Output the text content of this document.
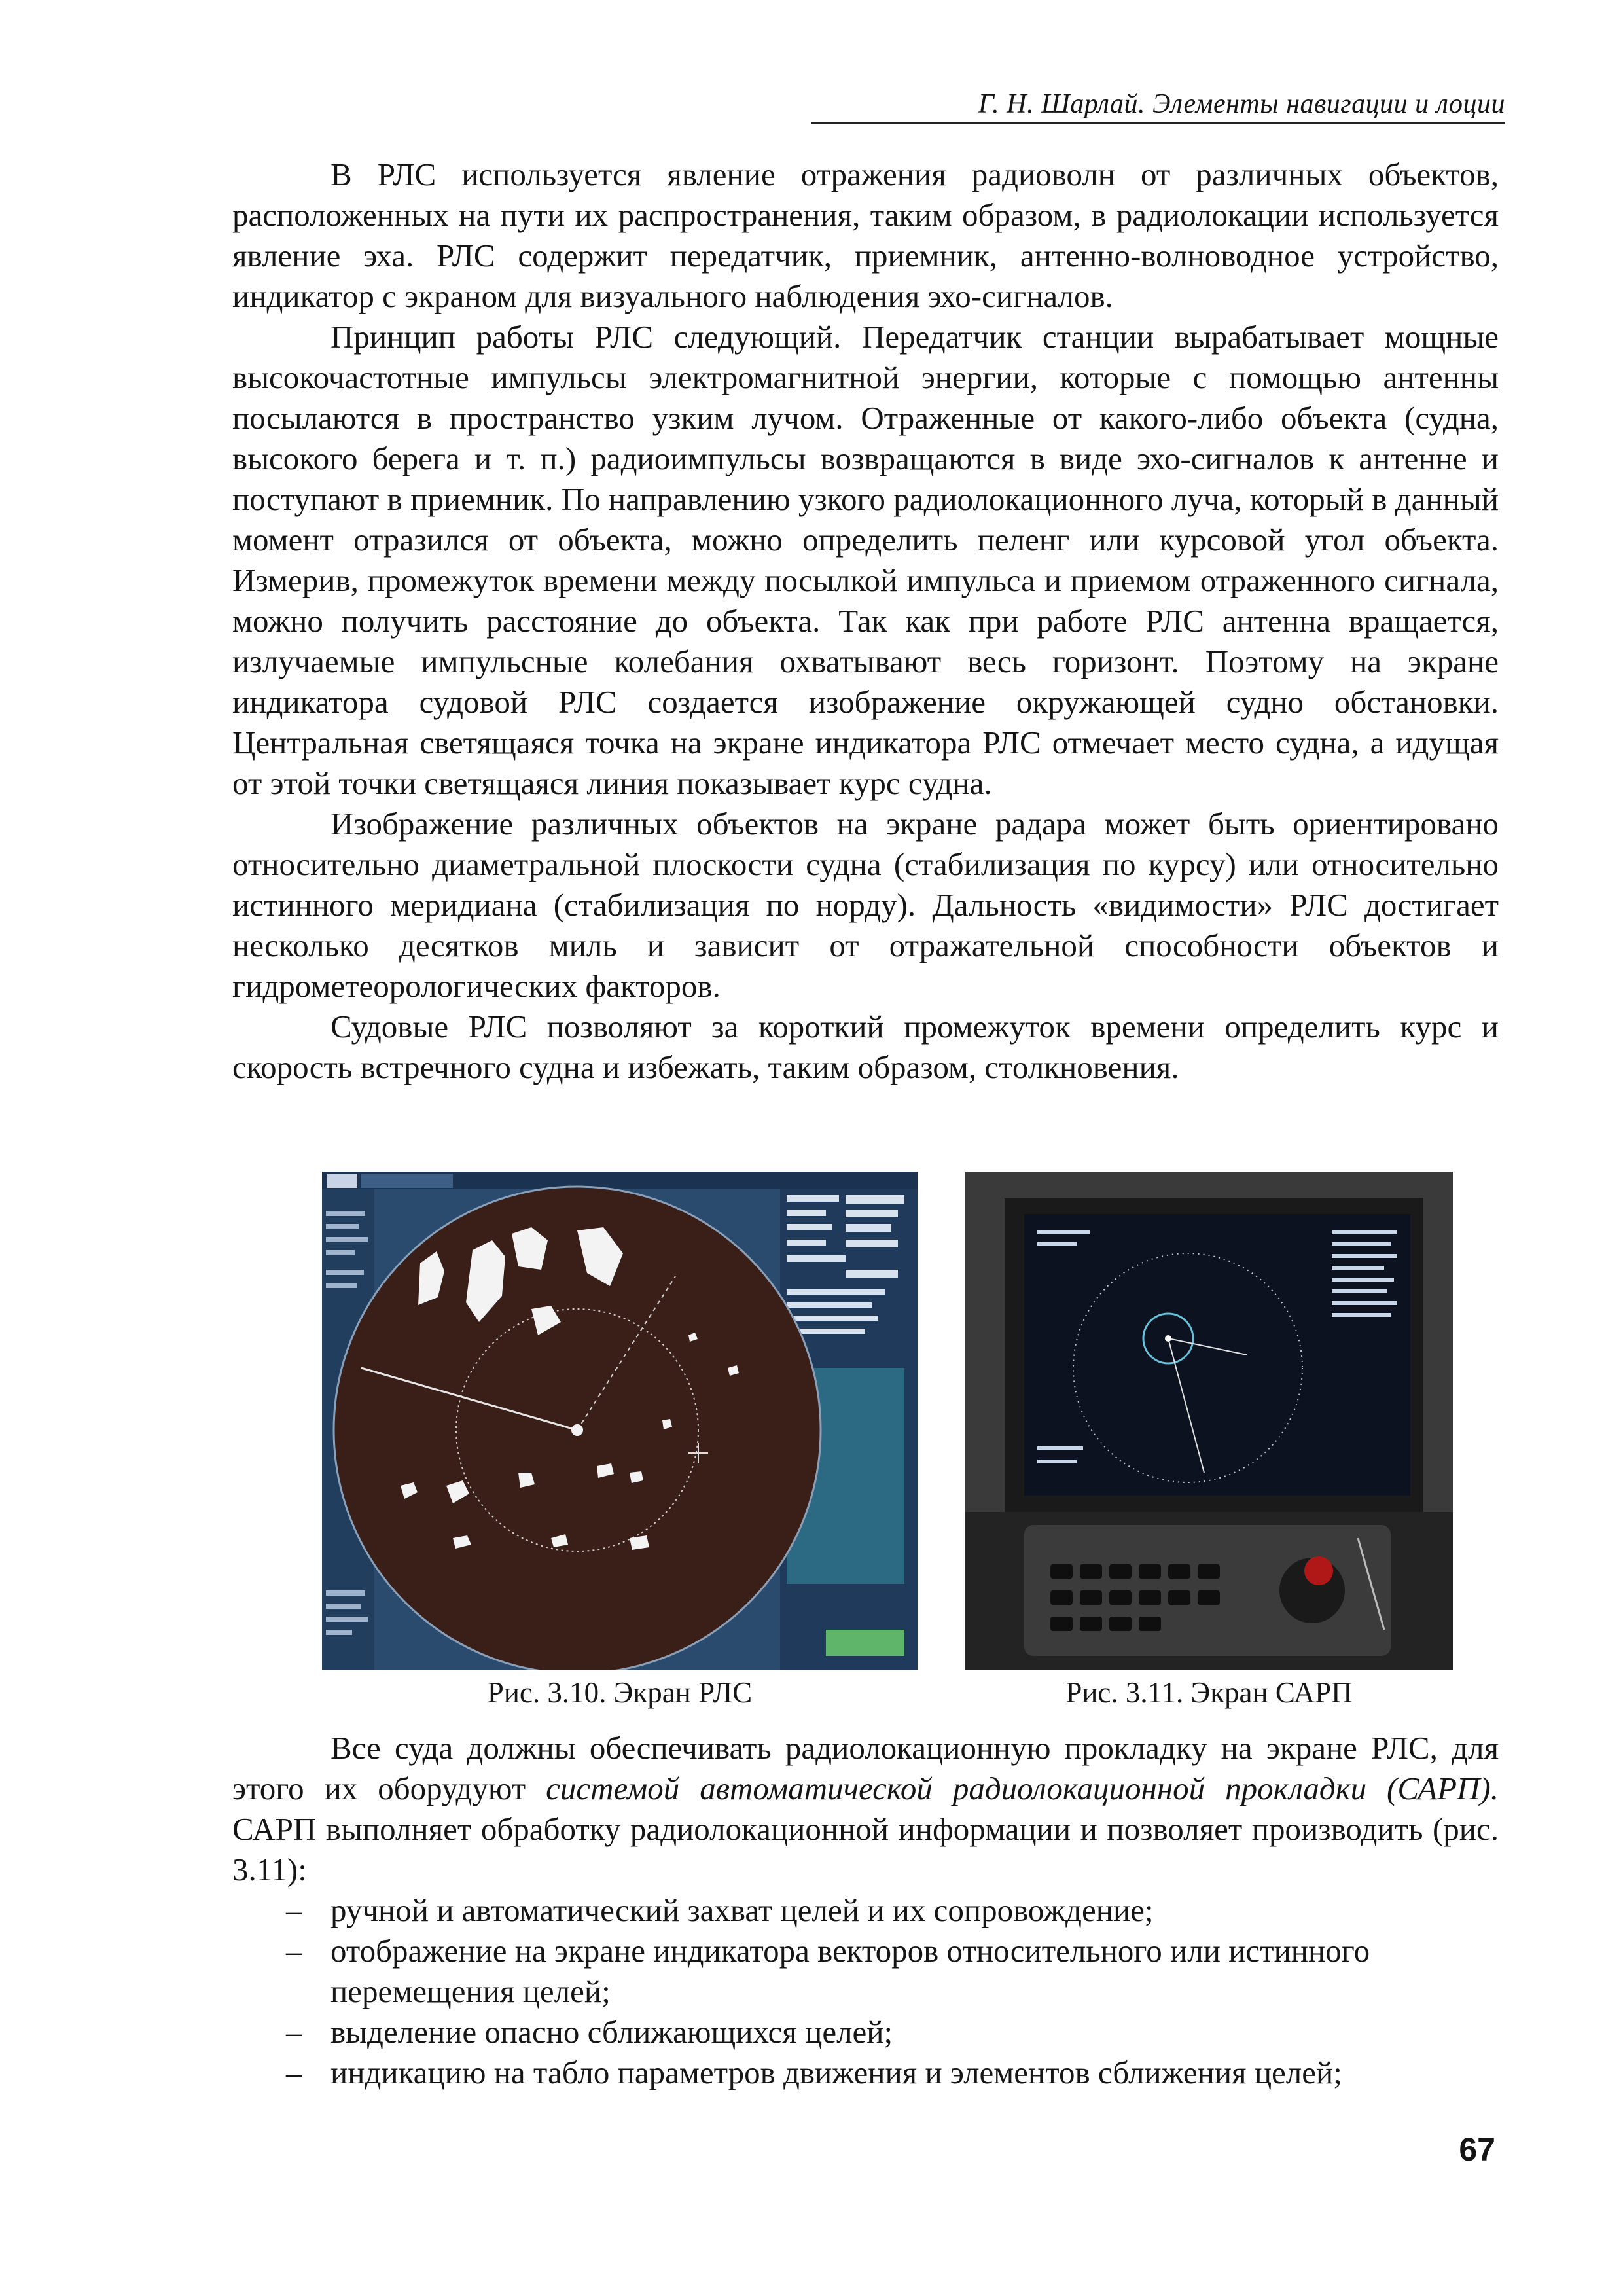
Г. Н. Шарлай. Элементы навигации и лоции

В РЛС используется явление отражения радиоволн от различных объектов, расположенных на пути их распространения, таким образом, в радиолокации используется явление эха. РЛС содержит передатчик, приемник, антенно-волноводное устройство, индикатор с экраном для визуального наблюдения эхо-сигналов.

Принцип работы РЛС следующий. Передатчик станции вырабатывает мощные высокочастотные импульсы электромагнитной энергии, которые с помощью антенны посылаются в пространство узким лучом. Отраженные от какого-либо объекта (судна, высокого берега и т. п.) радиоимпульсы возвращаются в виде эхо-сигналов к антенне и поступают в приемник. По направлению узкого радиолокационного луча, который в данный момент отразился от объекта, можно определить пеленг или курсовой угол объекта. Измерив, промежуток времени между посылкой импульса и приемом отраженного сигнала, можно получить расстояние до объекта. Так как при работе РЛС антенна вращается, излучаемые импульсные колебания охватывают весь горизонт. Поэтому на экране индикатора судовой РЛС создается изображение окружающей судно обстановки. Центральная светящаяся точка на экране индикатора РЛС отмечает место судна, а идущая от этой точки светящаяся линия показывает курс судна.

Изображение различных объектов на экране радара может быть ориентировано относительно диаметральной плоскости судна (стабилизация по курсу) или относительно истинного меридиана (стабилизация по норду). Дальность «видимости» РЛС достигает несколько десятков миль и зависит от отражательной способности объектов и гидрометеорологических факторов.

Судовые РЛС позволяют за короткий промежуток времени определить курс и скорость встречного судна и избежать, таким образом, столкновения.

Рис. 3.10. Экран РЛС	Рис. 3.11. Экран САРП

Все суда должны обеспечивать радиолокационную прокладку на экране РЛС, для этого их оборудуют системой автоматической радиолокационной прокладки (САРП). САРП выполняет обработку радиолокационной информации и позволяет производить (рис. 3.11):

– ручной и автоматический захват целей и их сопровождение;
– отображение на экране индикатора векторов относительного или истинного перемещения целей;
– выделение опасно сближающихся целей;
– индикацию на табло параметров движения и элементов сближения целей;
67
